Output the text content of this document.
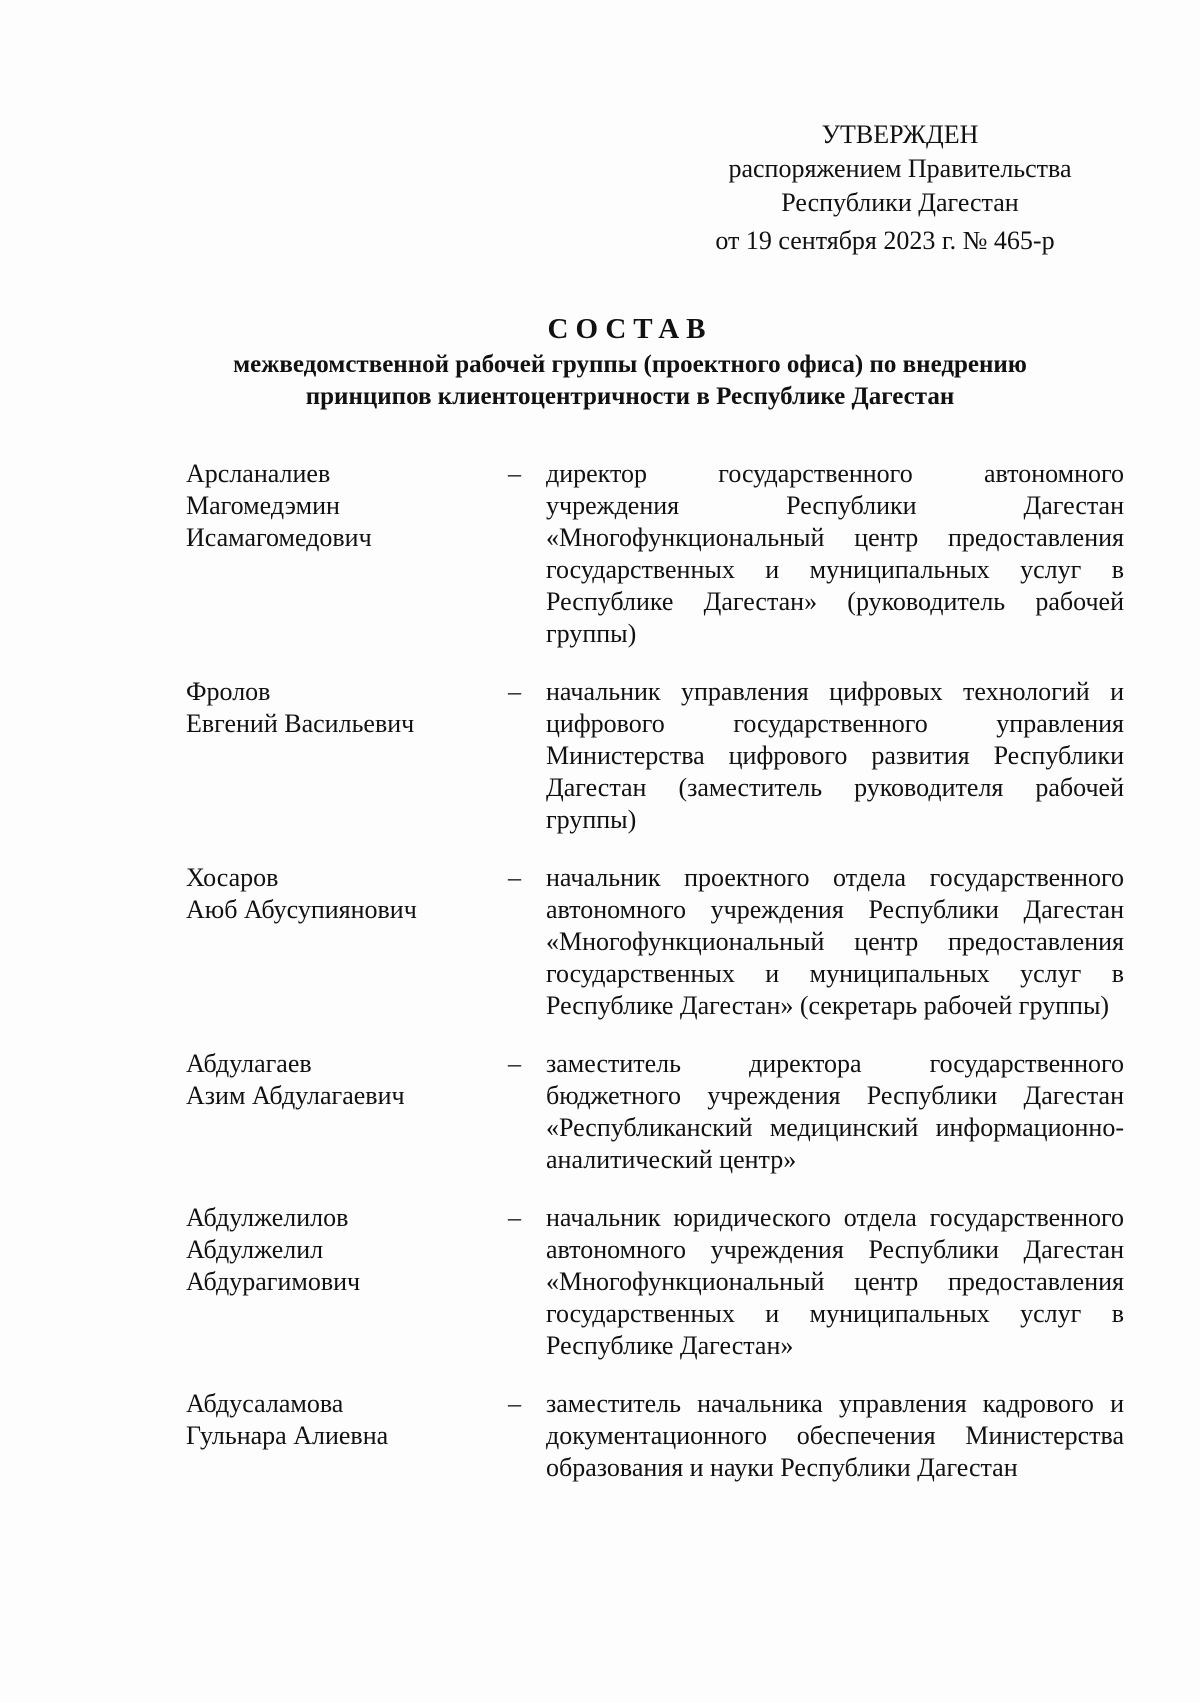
УТВЕРЖДЕН
распоряжением Правительства
Республики Дагестан
от 19 сентября 2023 г. № 465-р
СОСТАВ
межведомственной рабочей группы (проектного офиса) по внедрению
принципов клиентоцентричности в Республике Дагестан
Арсланалиев
Магомедэмин
Исамагомедович
– директор государственного автономного учреждения Республики Дагестан «Многофункциональный центр предоставления государственных и муниципальных услуг в Республике Дагестан» (руководитель рабочей группы)
Фролов
Евгений Васильевич
– начальник управления цифровых технологий и цифрового государственного управления Министерства цифрового развития Республики Дагестан (заместитель руководителя рабочей группы)
Хосаров
Аюб Абусупиянович
– начальник проектного отдела государственного автономного учреждения Республики Дагестан «Многофункциональный центр предоставления государственных и муниципальных услуг в Республике Дагестан» (секретарь рабочей группы)
Абдулагаев
Азим Абдулагаевич
– заместитель директора государственного бюджетного учреждения Республики Дагестан «Республиканский медицинский информационно-аналитический центр»
Абдулжелилов
Абдулжелил
Абдурагимович
– начальник юридического отдела государственного автономного учреждения Республики Дагестан «Многофункциональный центр предоставления государственных и муниципальных услуг в Республике Дагестан»
Абдусаламова
Гульнара Алиевна
– заместитель начальника управления кадрового и документационного обеспечения Министерства образования и науки Республики Дагестан
